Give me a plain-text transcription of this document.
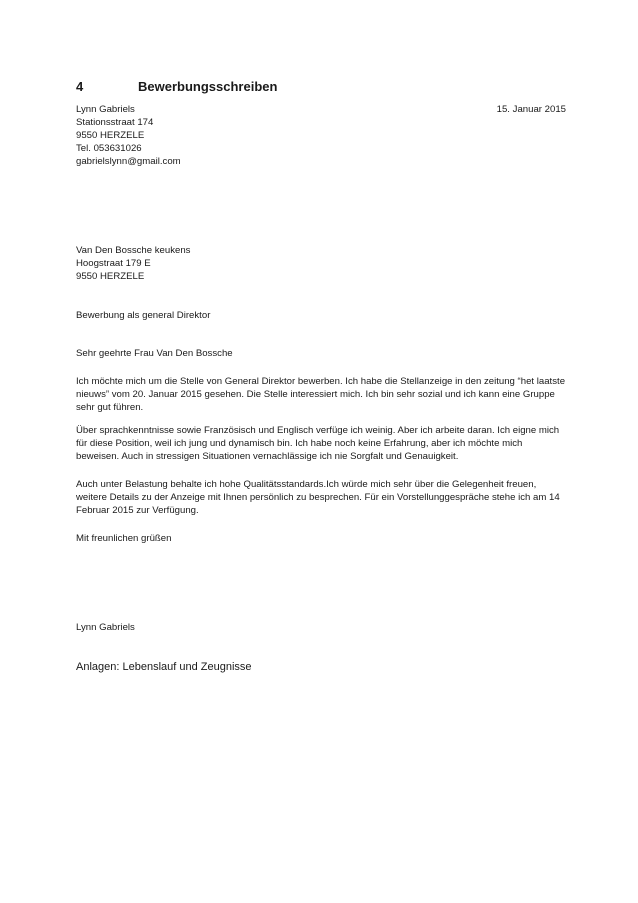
4	Bewerbungsschreiben
15. Januar 2015
Lynn Gabriels
Stationsstraat 174
9550 HERZELE
Tel. 053631026
gabrielslynn@gmail.com
Van Den Bossche keukens
Hoogstraat 179 E
9550 HERZELE
Bewerbung als general Direktor
Sehr geehrte Frau Van Den Bossche
Ich möchte mich um die Stelle von General Direktor bewerben. Ich habe die Stellanzeige in den zeitung “het laatste nieuws” vom 20. Januar 2015 gesehen. Die Stelle interessiert mich. Ich bin sehr sozial und ich kann eine Gruppe sehr gut führen.
Über sprachkenntnisse sowie Französisch und Englisch verfüge ich weinig. Aber ich arbeite daran. Ich eigne mich für diese Position, weil ich jung und dynamisch bin. Ich habe noch keine Erfahrung, aber ich möchte mich beweisen. Auch in stressigen Situationen vernachlässige ich nie Sorgfalt und Genauigkeit.
Auch unter Belastung behalte ich hohe Qualitätsstandards.Ich würde mich sehr über die Gelegenheit freuen, weitere Details zu der Anzeige mit Ihnen persönlich zu besprechen. Für ein Vorstellunggespräche stehe ich am 14 Februar 2015 zur Verfügung.
Mit freunlichen grüßen
Lynn Gabriels
Anlagen: Lebenslauf und Zeugnisse
